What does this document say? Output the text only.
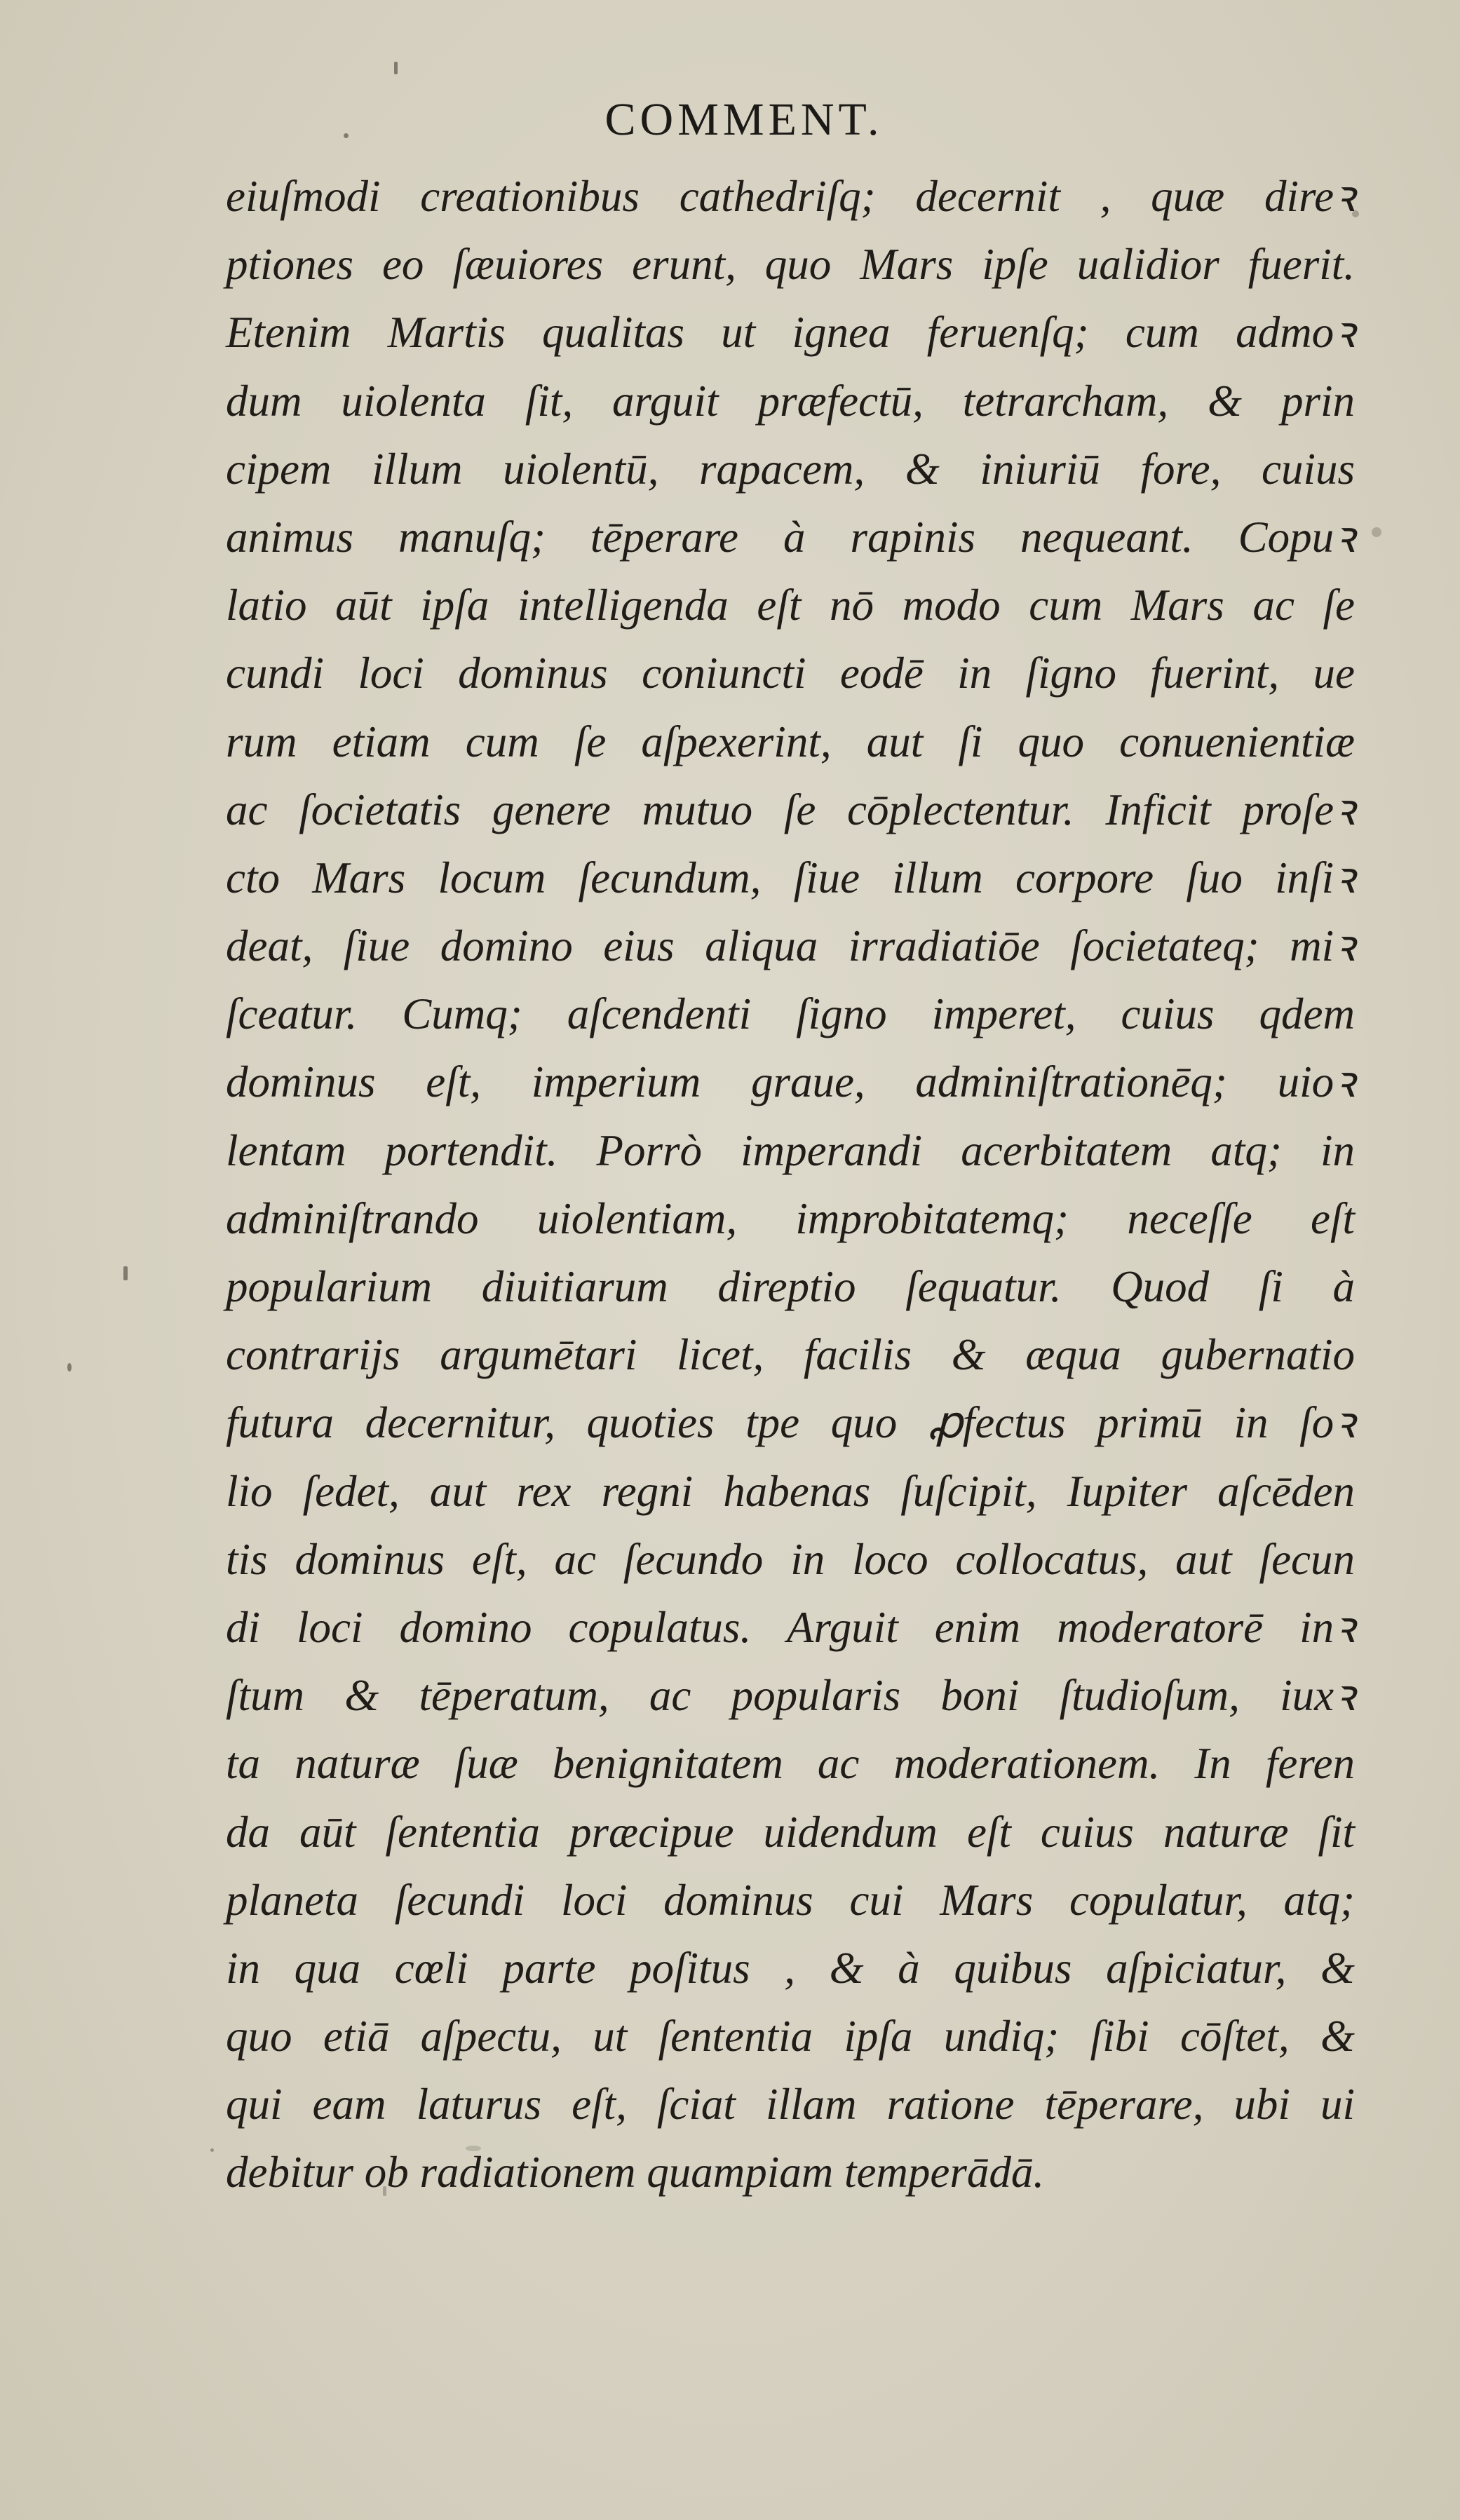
COMMENT.
eiuſmodi creationibus cathedriſq; decernit , quæ direꝛ
ptiones eo ſæuiores erunt, quo Mars ipſe ualidior fuerit.
Etenim Martis qualitas ut ignea feruenſq; cum admoꝛ
dum uiolenta ſit, arguit præfectū, tetrarcham, & prin
cipem illum uiolentū, rapacem, & iniuriū fore, cuius
animus manuſq; tēperare à rapinis nequeant. Copuꝛ
latio aūt ipſa intelligenda eſt nō modo cum Mars ac ſe
cundi loci dominus coniuncti eodē in ſigno fuerint, ue
rum etiam cum ſe aſpexerint, aut ſi quo conuenientiæ
ac ſocietatis genere mutuo ſe cōplectentur. Inficit proſeꝛ
cto Mars locum ſecundum, ſiue illum corpore ſuo inſiꝛ
deat, ſiue domino eius aliqua irradiatiōe ſocietateq; miꝛ
ſceatur. Cumq; aſcendenti ſigno imperet, cuius qdem
dominus eſt, imperium graue, adminiſtrationēq; uioꝛ
lentam portendit. Porrò imperandi acerbitatem atq; in
adminiſtrando uiolentiam, improbitatemq; neceſſe eſt
popularium diuitiarum direptio ſequatur. Quod ſi à
contrarijs argumētari licet, facilis & æqua gubernatio
futura decernitur, quoties tpe quo ꝓfectus primū in ſoꝛ
lio ſedet, aut rex regni habenas ſuſcipit, Iupiter aſcēden
tis dominus eſt, ac ſecundo in loco collocatus, aut ſecun
di loci domino copulatus. Arguit enim moderatorē inꝛ
ſtum & tēperatum, ac popularis boni ſtudioſum, iuxꝛ
ta naturæ ſuæ benignitatem ac moderationem. In feren
da aūt ſententia præcipue uidendum eſt cuius naturæ ſit
planeta ſecundi loci dominus cui Mars copulatur, atq;
in qua cœli parte poſitus , & à quibus aſpiciatur, &
quo etiā aſpectu, ut ſententia ipſa undiq; ſibi cōſtet, &
qui eam laturus eſt, ſciat illam ratione tēperare, ubi ui
debitur ob radiationem quampiam temperādā.
